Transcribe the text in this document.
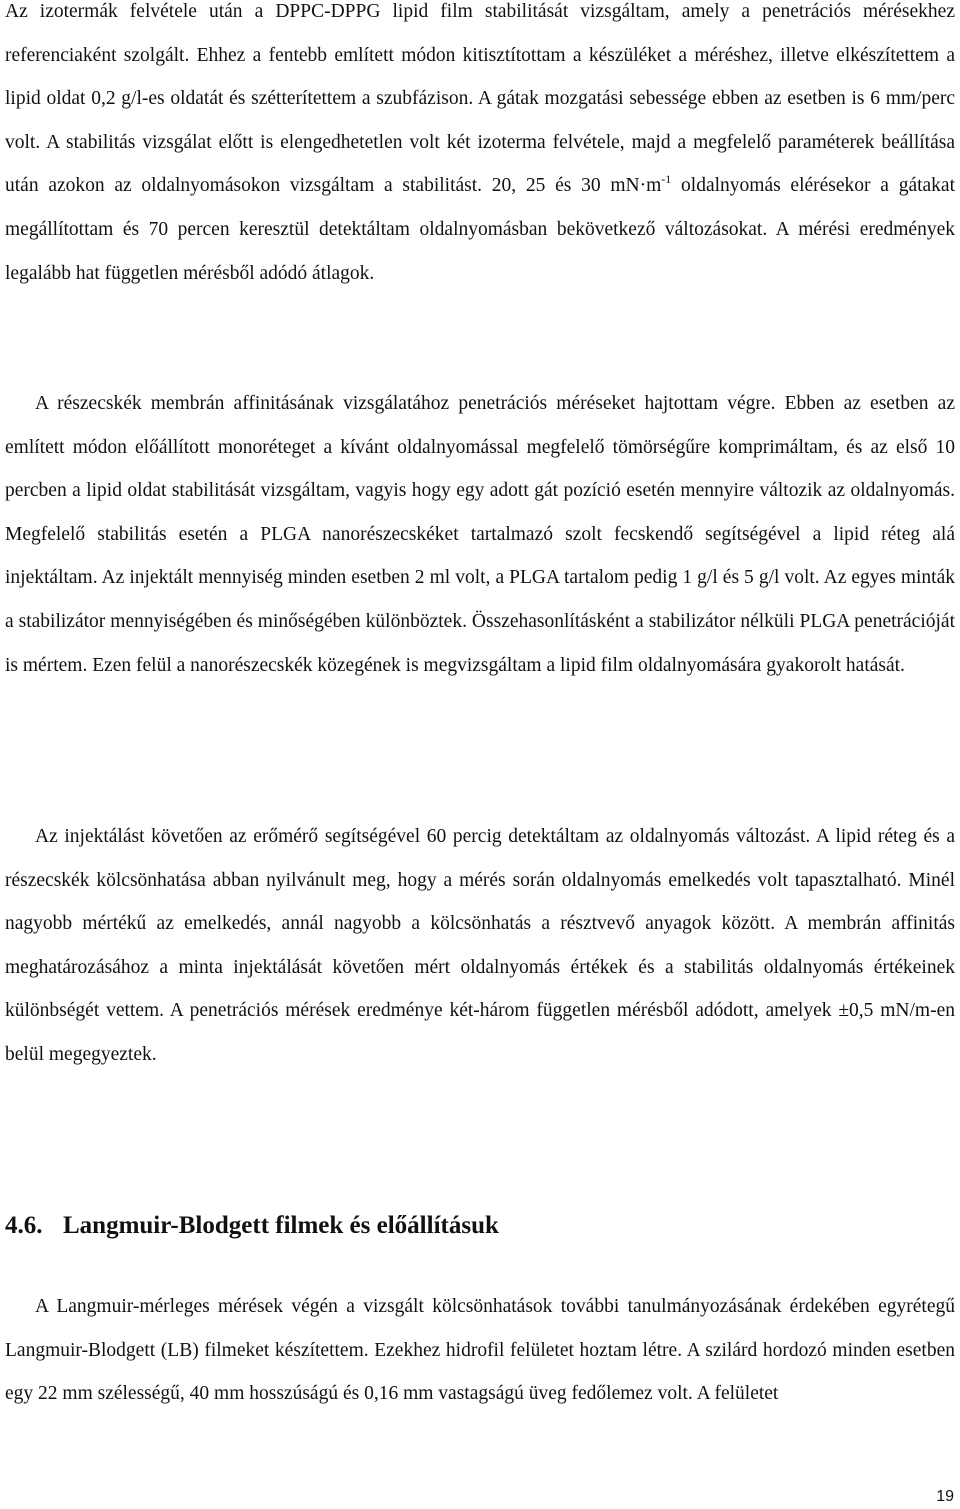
Az izotermák felvétele után a DPPC-DPPG lipid film stabilitását vizsgáltam, amely a penetrációs mérésekhez referenciaként szolgált. Ehhez a fentebb említett módon kitisztítottam a készüléket a méréshez, illetve elkészítettem a lipid oldat 0,2 g/l-es oldatát és szétterítettem a szubfázison. A gátak mozgatási sebessége ebben az esetben is 6 mm/perc volt. A stabilitás vizsgálat előtt is elengedhetetlen volt két izoterma felvétele, majd a megfelelő paraméterek beállítása után azokon az oldalnyomásokon vizsgáltam a stabilitást. 20, 25 és 30 $mN\cdot m^{-1}$ oldalnyomás elérésekor a gátakat megállítottam és 70 percen keresztül detektáltam oldalnyomásban bekövetkező változásokat. A mérési eredmények legalább hat független mérésből adódó átlagok.

A részecskék membrán affinitásának vizsgálatához penetrációs méréseket hajtottam végre. Ebben az esetben az említett módon előállított monoréteget a kívánt oldalnyomással megfelelő tömörségűre komprimáltam, és az első 10 percben a lipid oldat stabilitását vizsgáltam, vagyis hogy egy adott gát pozíció esetén mennyire változik az oldalnyomás. Megfelelő stabilitás esetén a PLGA nanorészecskéket tartalmazó szolt fecskendő segítségével a lipid réteg alá injektáltam. Az injektált mennyiség minden esetben 2 ml volt, a PLGA tartalom pedig 1 g/l és 5 g/l volt. Az egyes minták a stabilizátor mennyiségében és minőségében különböztek. Összehasonlításként a stabilizátor nélküli PLGA penetrációját is mértem. Ezen felül a nanorészecskék közegének is megvizsgáltam a lipid film oldalnyomására gyakorolt hatását.

Az injektálást követően az erőmérő segítségével 60 percig detektáltam az oldalnyomás változást. A lipid réteg és a részecskék kölcsönhatása abban nyilvánult meg, hogy a mérés során oldalnyomás emelkedés volt tapasztalható. Minél nagyobb mértékű az emelkedés, annál nagyobb a kölcsönhatás a résztvevő anyagok között. A membrán affinitás meghatározásához a minta injektálását követően mért oldalnyomás értékek és a stabilitás oldalnyomás értékeinek különbségét vettem. A penetrációs mérések eredménye két-három független mérésből adódott, amelyek ±0,5 mN/m-en belül megegyeztek.

4.6. Langmuir-Blodgett filmek és előállításuk

A Langmuir-mérleges mérések végén a vizsgált kölcsönhatások további tanulmányozásának érdekében egyrétegű Langmuir-Blodgett (LB) filmeket készítettem. Ezekhez hidrofil felületet hoztam létre. A szilárd hordozó minden esetben egy 22 mm szélességű, 40 mm hosszúságú és 0,16 mm vastagságú üveg fedőlemez volt. A felületet

19
